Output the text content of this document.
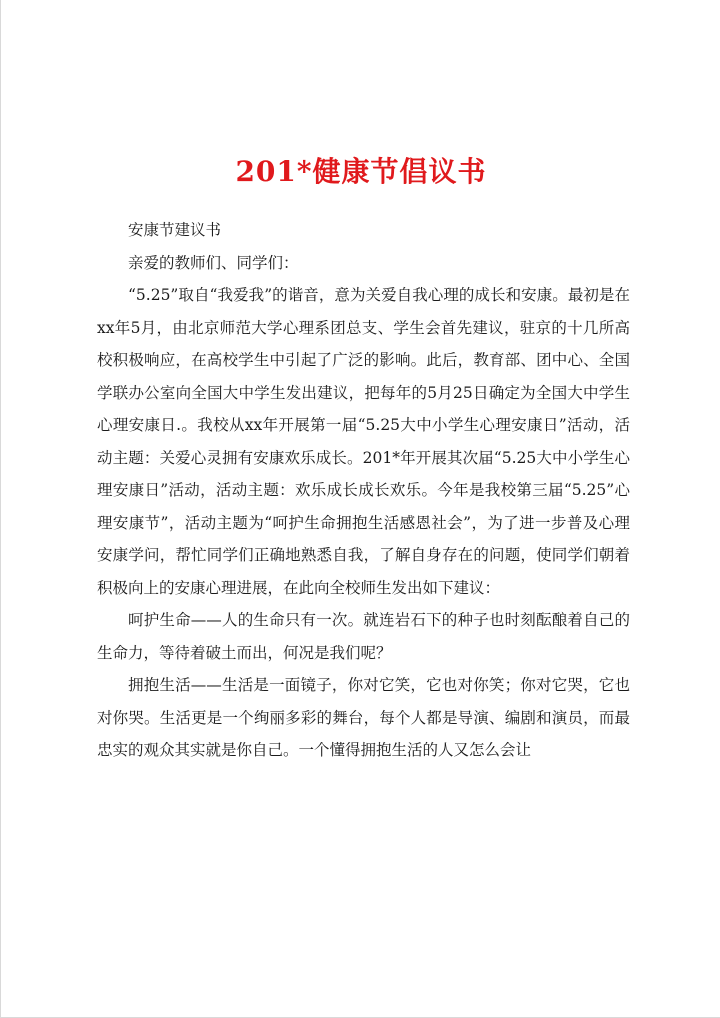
201*健康节倡议书

安康节建议书

亲爱的教师们、同学们：

“5.25”取自“我爱我”的谐音，意为关爱自我心理的成长和安康。最初是在xx年5月，由北京师范大学心理系团总支、学生会首先建议，驻京的十几所高校积极响应，在高校学生中引起了广泛的影响。此后，教育部、团中心、全国学联办公室向全国大中学生发出建议，把每年的5月25日确定为全国大中学生心理安康日.。我校从xx年开展第一届“5.25大中小学生心理安康日”活动，活动主题：关爱心灵拥有安康欢乐成长。201*年开展其次届“5.25大中小学生心理安康日”活动，活动主题：欢乐成长成长欢乐。今年是我校第三届“5.25”心理安康节”，活动主题为“呵护生命拥抱生活感恩社会”，为了进一步普及心理安康学问，帮忙同学们正确地熟悉自我，了解自身存在的问题，使同学们朝着积极向上的安康心理进展，在此向全校师生发出如下建议：

呵护生命——人的生命只有一次。就连岩石下的种子也时刻酝酿着自己的生命力，等待着破土而出，何况是我们呢？

拥抱生活——生活是一面镜子，你对它笑，它也对你笑；你对它哭，它也对你哭。生活更是一个绚丽多彩的舞台，每个人都是导演、编剧和演员，而最忠实的观众其实就是你自己。一个懂得拥抱生活的人又怎么会让
